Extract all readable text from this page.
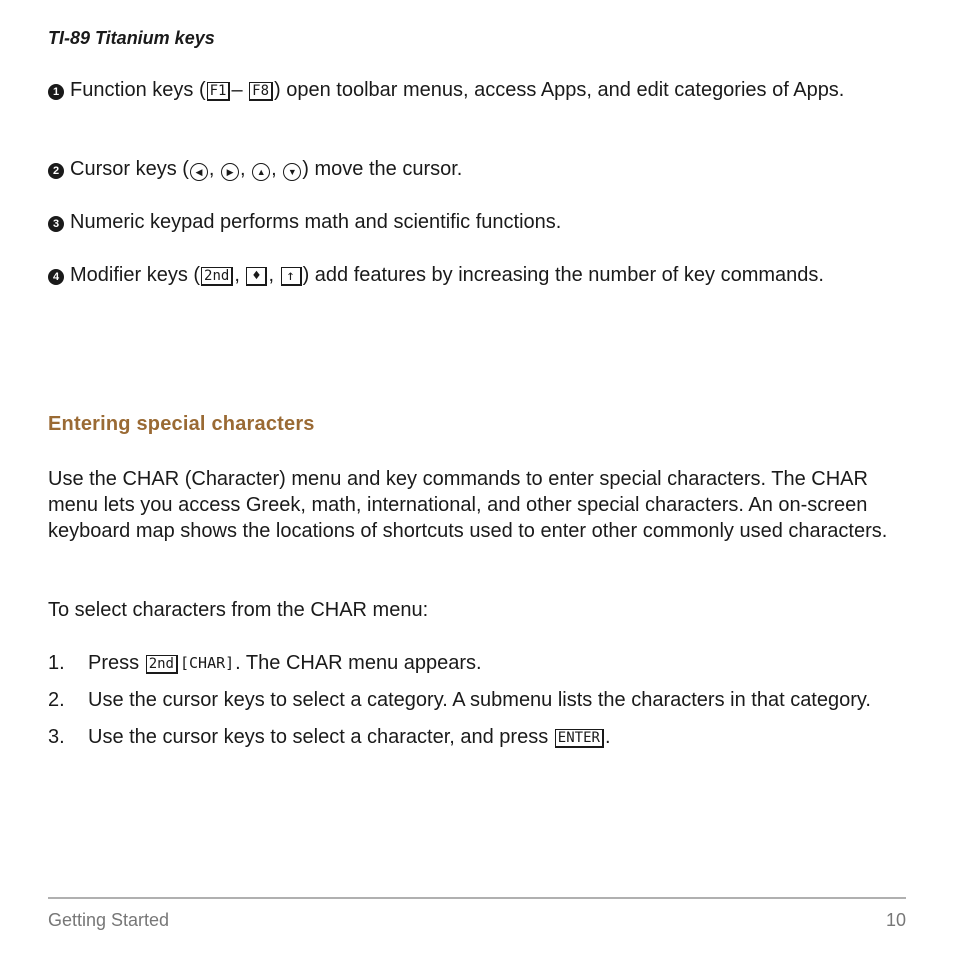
TI-89 Titanium keys
1 Function keys ( F1 – F8 ) open toolbar menus, access Apps, and edit categories of Apps.
2 Cursor keys ( ◀ , ▶ , ▲ , ▼ ) move the cursor.
3 Numeric keypad performs math and scientific functions.
4 Modifier keys ( 2nd , ♦ , ↑ ) add features by increasing the number of key commands.
Entering special characters
Use the CHAR (Character) menu and key commands to enter special characters. The CHAR menu lets you access Greek, math, international, and other special characters. An on-screen keyboard map shows the locations of shortcuts used to enter other commonly used characters.
To select characters from the CHAR menu:
1. Press 2nd [CHAR]. The CHAR menu appears.
2. Use the cursor keys to select a category. A submenu lists the characters in that category.
3. Use the cursor keys to select a character, and press ENTER .
Getting Started	10
